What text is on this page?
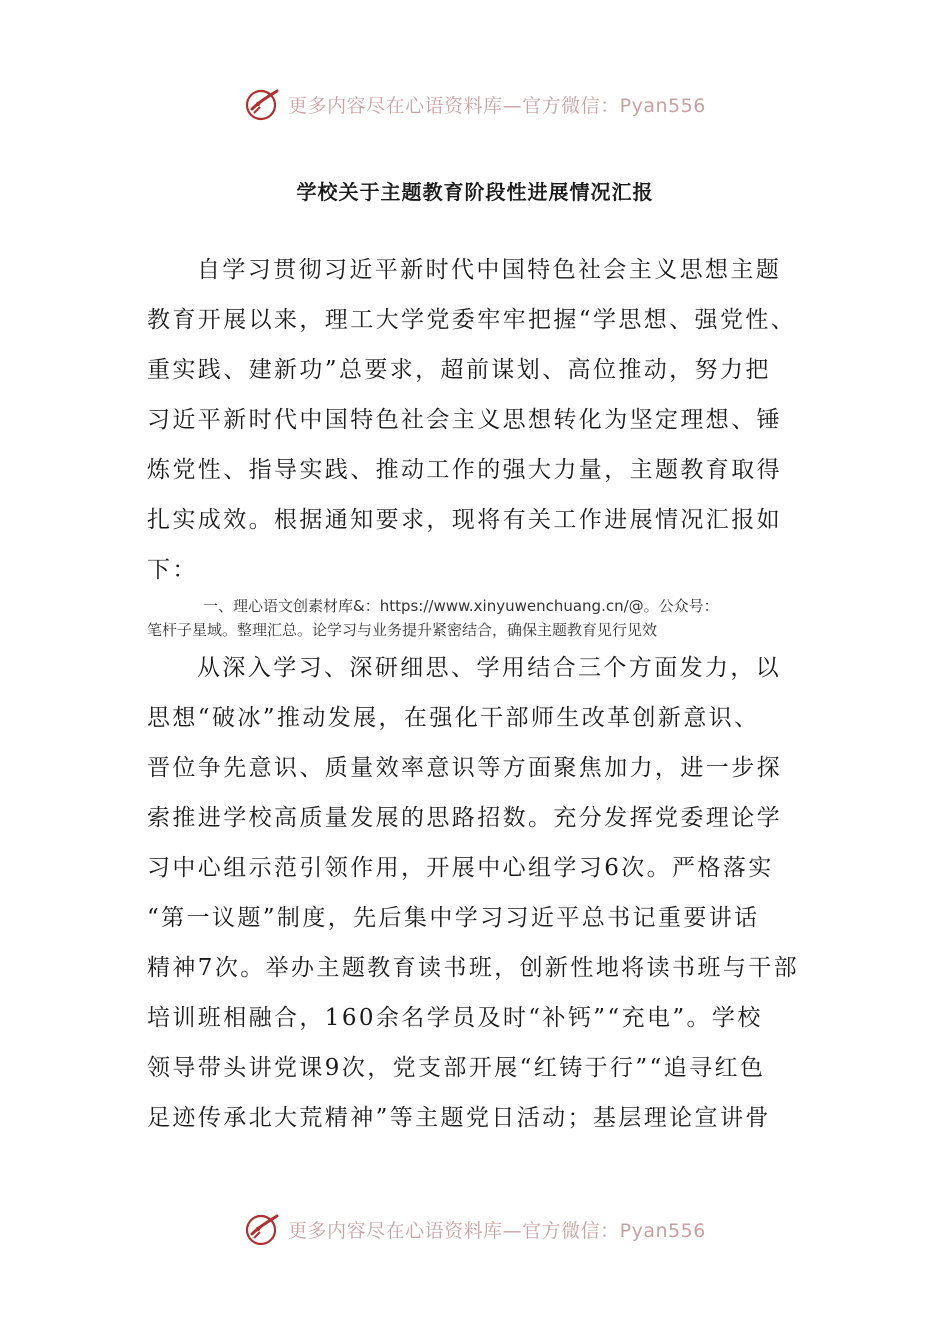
更多内容尽在心语资料库—官方微信：Pyan556
学校关于主题教育阶段性进展情况汇报
自学习贯彻习近平新时代中国特色社会主义思想主题
教育开展以来，理工大学党委牢牢把握“学思想、强党性、
重实践、建新功”总要求，超前谋划、高位推动，努力把
习近平新时代中国特色社会主义思想转化为坚定理想、锤
炼党性、指导实践、推动工作的强大力量，主题教育取得
扎实成效。根据通知要求，现将有关工作进展情况汇报如
下：
一、理心语文创素材库&：https://www.xinyuwenchuang.cn/@。公众号：
笔杆子星域。整理汇总。论学习与业务提升紧密结合，确保主题教育见行见效
从深入学习、深研细思、学用结合三个方面发力，以
思想“破冰”推动发展，在强化干部师生改革创新意识、
晋位争先意识、质量效率意识等方面聚焦加力，进一步探
索推进学校高质量发展的思路招数。充分发挥党委理论学
习中心组示范引领作用，开展中心组学习6次。严格落实
“第一议题”制度，先后集中学习习近平总书记重要讲话
精神7次。举办主题教育读书班，创新性地将读书班与干部
培训班相融合，160余名学员及时“补钙”“充电”。学校
领导带头讲党课9次，党支部开展“红铸于行”“追寻红色
足迹传承北大荒精神”等主题党日活动；基层理论宣讲骨
更多内容尽在心语资料库—官方微信：Pyan556
